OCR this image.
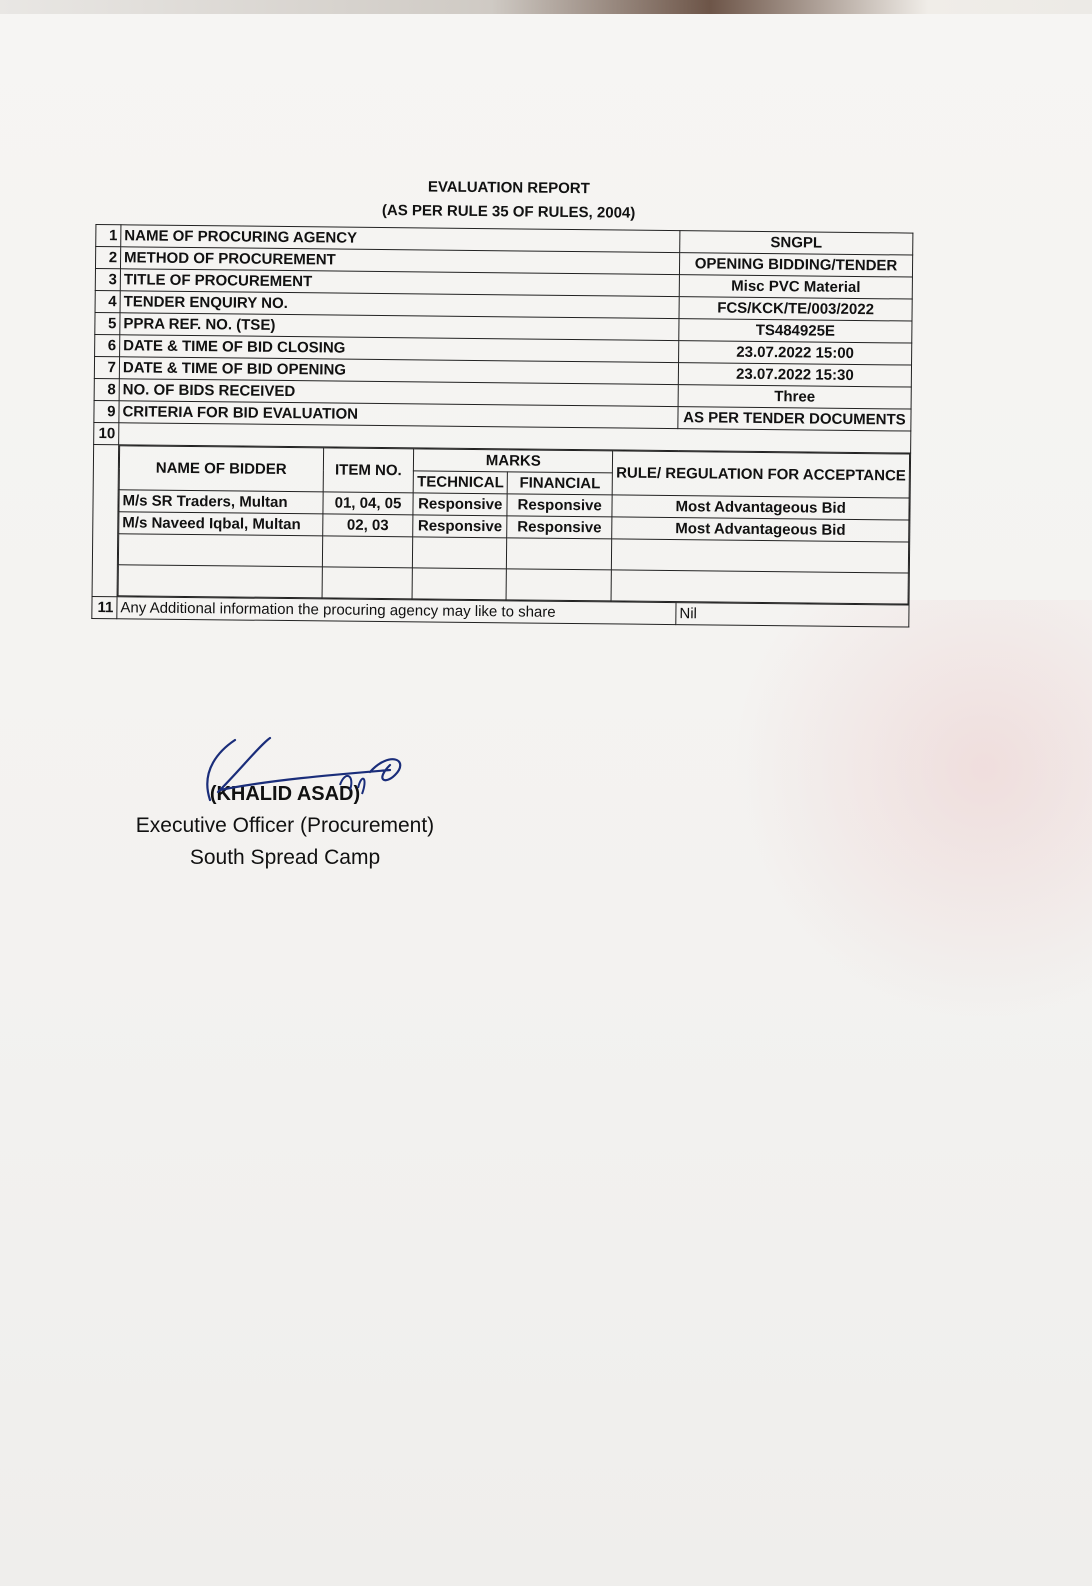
EVALUATION REPORT
(AS PER RULE 35 OF RULES, 2004)
1	NAME OF PROCURING AGENCY	SNGPL
2	METHOD OF PROCUREMENT	OPENING BIDDING/TENDER
3	TITLE OF PROCUREMENT	Misc PVC Material
4	TENDER ENQUIRY NO.	FCS/KCK/TE/003/2022
5	PPRA REF. NO. (TSE)	TS484925E
6	DATE & TIME OF BID CLOSING	23.07.2022 15:00
7	DATE & TIME OF BID OPENING	23.07.2022 15:30
8	NO. OF BIDS RECEIVED	Three
9	CRITERIA FOR BID EVALUATION	AS PER TENDER DOCUMENTS
10	

NAME OF BIDDER	ITEM NO.	MARKS	RULE/ REGULATION FOR ACCEPTANCE
TECHNICAL	FINANCIAL
M/s SR Traders, Multan	01, 04, 05	Responsive	Responsive	Most Advantageous Bid
M/s Naveed Iqbal, Multan	02, 03	Responsive	Responsive	Most Advantageous Bid

11	Any Additional information the procuring agency may like to share	Nil
(KHALID ASAD)
Executive Officer (Procurement)
South Spread Camp
